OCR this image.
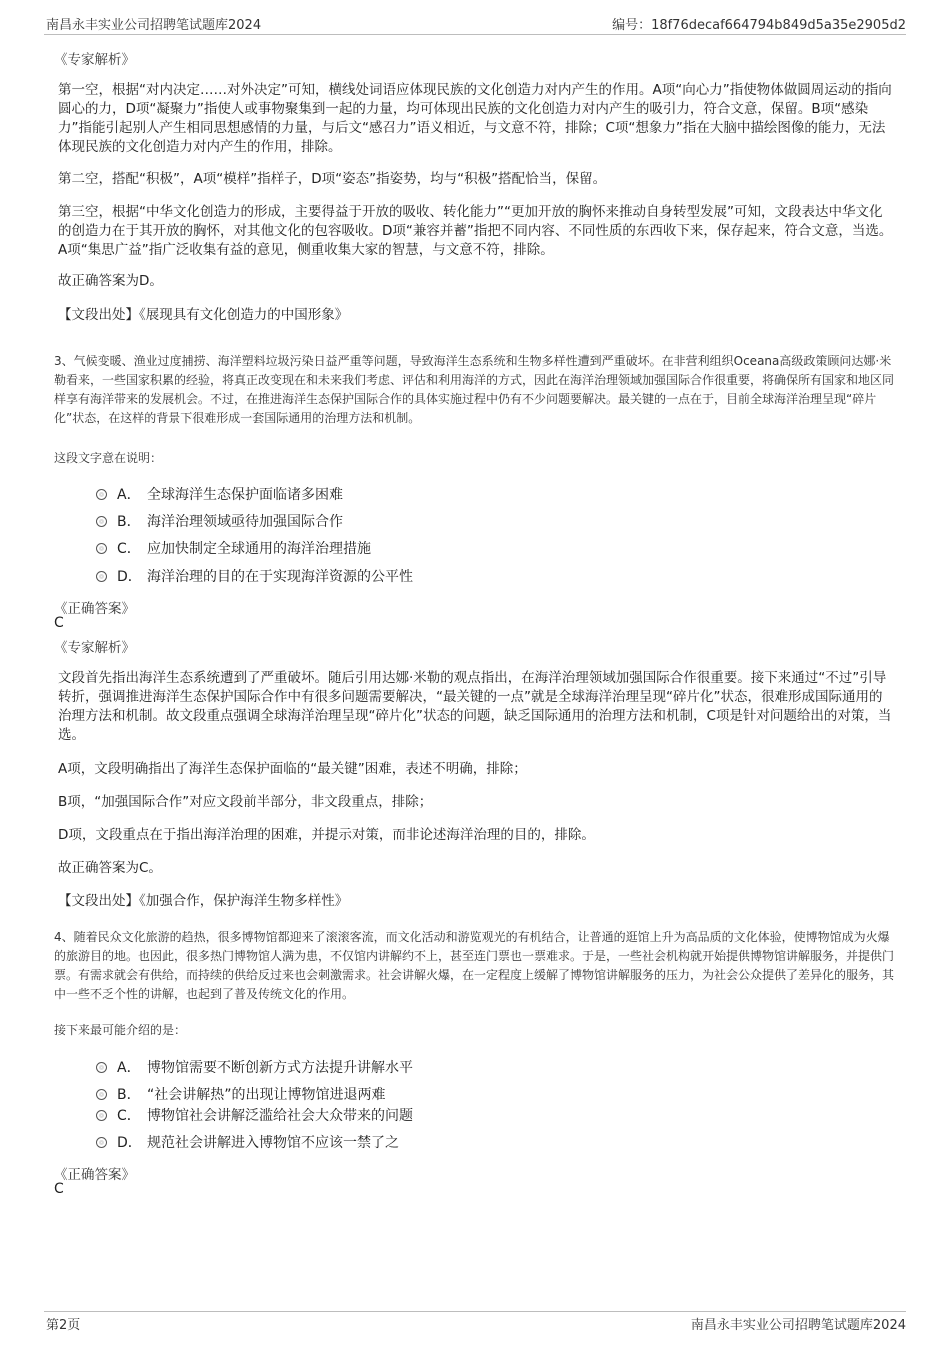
南昌永丰实业公司招聘笔试题库2024	编号：18f76decaf664794b849d5a35e2905d2
《专家解析》

第一空，根据“对内决定……对外决定”可知，横线处词语应体现民族的文化创造力对内产生的作用。A项“向心力”指使物体做圆周运动的指向圆心的力，D项“凝聚力”指使人或事物聚集到一起的力量，均可体现出民族的文化创造力对内产生的吸引力，符合文意，保留。B项“感染力”指能引起别人产生相同思想感情的力量，与后文“感召力”语义相近，与文意不符，排除；C项“想象力”指在大脑中描绘图像的能力，无法体现民族的文化创造力对内产生的作用，排除。

第二空，搭配“积极”，A项“模样”指样子，D项“姿态”指姿势，均与“积极”搭配恰当，保留。

第三空，根据“中华文化创造力的形成，主要得益于开放的吸收、转化能力”“更加开放的胸怀来推动自身转型发展”可知，文段表达中华文化的创造力在于其开放的胸怀，对其他文化的包容吸收。D项“兼容并蓄”指把不同内容、不同性质的东西收下来，保存起来，符合文意，当选。A项“集思广益”指广泛收集有益的意见，侧重收集大家的智慧，与文意不符，排除。

故正确答案为D。

【文段出处】《展现具有文化创造力的中国形象》

3、气候变暖、渔业过度捕捞、海洋塑料垃圾污染日益严重等问题，导致海洋生态系统和生物多样性遭到严重破坏。在非营利组织Oceana高级政策顾问达娜·米勒看来，一些国家积累的经验，将真正改变现在和未来我们考虑、评估和利用海洋的方式，因此在海洋治理领域加强国际合作很重要，将确保所有国家和地区同样享有海洋带来的发展机会。不过，在推进海洋生态保护国际合作的具体实施过程中仍有不少问题要解决。最关键的一点在于，目前全球海洋治理呈现“碎片化”状态，在这样的背景下很难形成一套国际通用的治理方法和机制。

这段文字意在说明：
A． 全球海洋生态保护面临诸多困难
B． 海洋治理领域亟待加强国际合作
C． 应加快制定全球通用的海洋治理措施
D． 海洋治理的目的在于实现海洋资源的公平性
《正确答案》
C
《专家解析》

文段首先指出海洋生态系统遭到了严重破坏。随后引用达娜·米勒的观点指出，在海洋治理领域加强国际合作很重要。接下来通过“不过”引导转折，强调推进海洋生态保护国际合作中有很多问题需要解决，“最关键的一点”就是全球海洋治理呈现“碎片化”状态，很难形成国际通用的治理方法和机制。故文段重点强调全球海洋治理呈现“碎片化”状态的问题，缺乏国际通用的治理方法和机制，C项是针对问题给出的对策，当选。

A项，文段明确指出了海洋生态保护面临的“最关键”困难，表述不明确，排除；

B项，“加强国际合作”对应文段前半部分，非文段重点，排除；

D项，文段重点在于指出海洋治理的困难，并提示对策，而非论述海洋治理的目的，排除。

故正确答案为C。

【文段出处】《加强合作，保护海洋生物多样性》

4、随着民众文化旅游的趋热，很多博物馆都迎来了滚滚客流，而文化活动和游览观光的有机结合，让普通的逛馆上升为高品质的文化体验，使博物馆成为火爆的旅游目的地。也因此，很多热门博物馆人满为患，不仅馆内讲解约不上，甚至连门票也一票难求。于是，一些社会机构就开始提供博物馆讲解服务，并提供门票。有需求就会有供给，而持续的供给反过来也会刺激需求。社会讲解火爆，在一定程度上缓解了博物馆讲解服务的压力，为社会公众提供了差异化的服务，其中一些不乏个性的讲解，也起到了普及传统文化的作用。

接下来最可能介绍的是：
A． 博物馆需要不断创新方式方法提升讲解水平
B． “社会讲解热”的出现让博物馆进退两难
C． 博物馆社会讲解泛滥给社会大众带来的问题
D． 规范社会讲解进入博物馆不应该一禁了之
《正确答案》
C
第2页	南昌永丰实业公司招聘笔试题库2024
